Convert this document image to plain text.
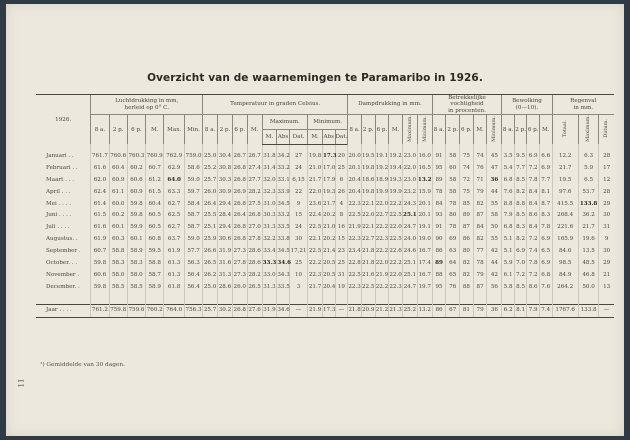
Overzicht van de waarnemingen te Paramaribo in 1926.
1926.	Luchtdrukking in mm,
herleid op 0° C.						Temperatuur in graden Celsius.										Dampdrukking in mm.						Betrekkelijke
vochtigheid
in procenten.					Bewolking
(0—10).				Regenval
in mm.		
	8 a.	2 p.	6 p.	M.	Max.	Min.	8 a.	2 p.	6 p.	M.	Maximum.			Minimum.			8 a.	2 p.	6 p.	M.	Maximum.	Minimum.	8 a.	2 p.	6 p.	M.	Minimum.	8 a.	2 p.	6 p.	M.	Totaal.	Maximum.	Datum.
											M.	Abs	Dat.	M.	Abs	Dat.																		

Januari . .	761.7	760.6	760.3	760.9	762.9	759.0	25.0	30.4	26.7	26.7	31.8	34.2	27	19.8	17.3	20	20.0	19.5	19.1	19.2	23.0	16.0	91	58	75	74	45	3.5	9.5	6.9	6.6	12.2	6.3	28
Februari . .	61.6	60.4	60.2	60.7	62.9	58.6	25.2	30.8	26.8	27.4	31.4	33.2	24	21.0	17.0	25	20.1	19.8	19.2	19.4	22.0	16.5	95	60	74	76	47	5.4	7.7	7.2	6.9	21.7	5.9	17
Maart . . .	62.0	60.9	60.6	61.2	64.0	59.0	25.7	30.3	26.8	27.7	32.0	33.1	6,15	21.7	17.9	6	20.4	18.6	18.9	19.3	23.0	13.2	89	58	72	71	36	6.8	8.5	7.8	7.7	19.5	6.5	12
April . . .	62.4	61.1	60.9	61.5	63.3	59.7	26.0	30.9	26.9	28.2	32.3	33.9	22	22.0	19.3	26	20.4	19.8	19.9	19.9	23.2	15.9	78	58	75	79	44	7.6	8.2	8.4	8.1	97.6	53.7	28
Mei . . . .	61.4	60.0	59.8	60.4	62.7	58.4	26.4	29.4	26.8	27.5	31.0	34.5	9	23.6	21.7	4	22.3	22.1	22.0	22.2	24.3	20.1	84	78	85	82	55	8.8	8.8	8.4	8.7	415.5	133.8	29
Juni . . . .	61.5	60.2	59.8	60.5	62.5	58.7	25.5	28.4	26.4	26.8	30.3	33.2	15	22.4	20.2	8	22.5	22.0	22.7	22.5	25.1	20.1	93	80	89	87	58	7.9	8.5	8.6	8.3	268.4	36.2	30
Juli . . . .	61.6	60.1	59.9	60.5	62.7	58.7	25.1	29.4	26.8	27.0	31.3	33.5	24	22.5	21.0	16	21.9	22.1	22.2	22.0	24.7	19.1	91	78	87	84	50	6.8	8.3	8.4	7.8	221.6	21.7	31
Augustus. .	61.9	60.3	60.1	60.8	63.7	59.0	25.9	30.6	26.8	27.8	32.2	33.8	30	22.1	20.2	15	22.3	22.7	22.3	22.5	24.0	19.0	90	69	86	82	55	5.1	8.2	7.2	6.9	165.9	19.6	9
September .	60.7	58.8	58.9	59.5	61.9	57.7	26.6	31.9	27.3	28.6	33.4	34.5	17,21	22.5	21.4	23	23.4	21.8	22.2	22.6	24.6	16.7	86	63	80	77	42	5.1	6.9	7.4	6.5	84.6	13.5	30
October. . .	59.8	58.3	58.3	58.8	61.3	56.3	26.5	31.6	27.8	28.6	33.3	34.6	25	22.2	20.5	25	22.8	21.8	22.0	22.2	25.1	17.4	89	64	82	78	44	5.9	7.0	7.8	6.9	98.5	48.5	29
November .	60.6	58.0	58.0	58.7	61.3	56.4	26.2	31.3	27.3	28.2	33.0	34.3	10	22.3	20.5	31	22.5	21.6	21.9	22.0	25.1	16.7	88	65	82	79	42	6.1	7.2	7.2	6.8	84.9	46.8	21
December. .	59.8	58.5	58.5	58.9	61.8	56.4	25.0	28.6	26.0	26.5	31.3	33.5	3	21.7	20.4	19	22.3	22.5	22.2	22.3	24.7	19.7	95	76	88	87	56	5.8	8.5	8.6	7.6	264.2	50.0	13

Jaar . . . .	761.2	759.8	759.6	760.2	764.0	756.3	25.7	30.2	26.8	27.6	31.9	34.6	—	21.9	17.3	—	21.8	20.9	21.2	21.3	25.2	13.2	86	67	81	79	36	6.2	8.1	7.9	7.4	1767.6	133.8	—
¹) Gemiddelde van 30 dagen.
11
